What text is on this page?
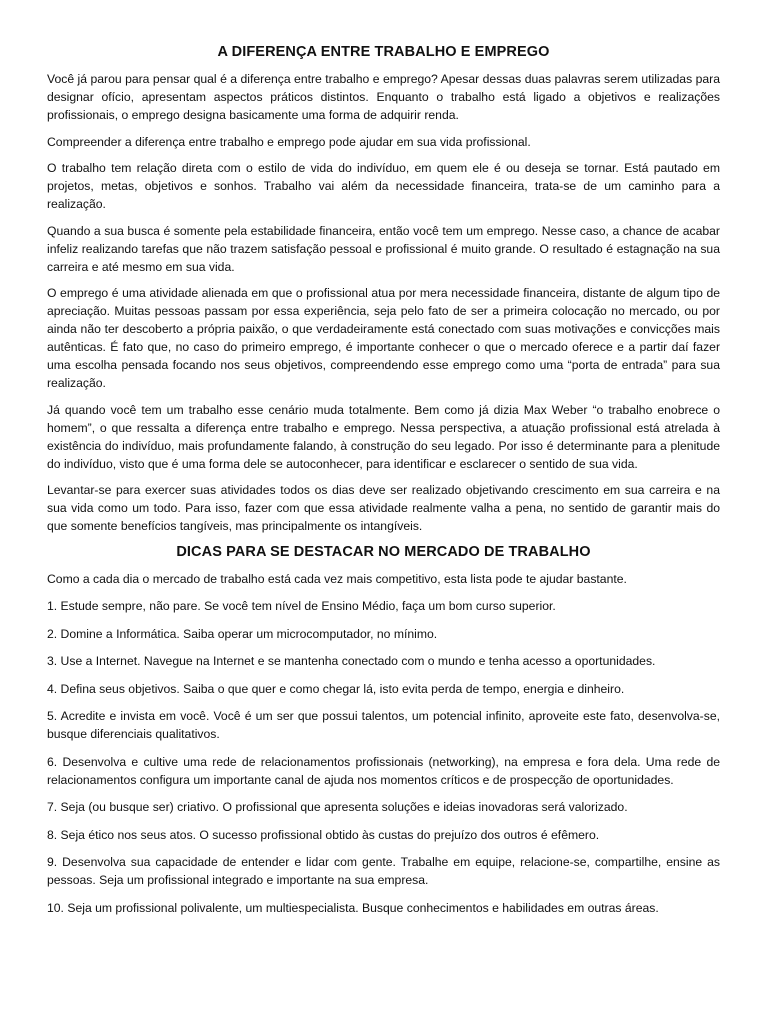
A DIFERENÇA ENTRE TRABALHO E EMPREGO

Você já parou para pensar qual é a diferença entre trabalho e emprego? Apesar dessas duas palavras serem utilizadas para designar ofício, apresentam aspectos práticos distintos. Enquanto o trabalho está ligado a objetivos e realizações profissionais, o emprego designa basicamente uma forma de adquirir renda.

Compreender a diferença entre trabalho e emprego pode ajudar em sua vida profissional.

O trabalho tem relação direta com o estilo de vida do indivíduo, em quem ele é ou deseja se tornar. Está pautado em projetos, metas, objetivos e sonhos. Trabalho vai além da necessidade financeira, trata-se de um caminho para a realização.

Quando a sua busca é somente pela estabilidade financeira, então você tem um emprego. Nesse caso, a chance de acabar infeliz realizando tarefas que não trazem satisfação pessoal e profissional é muito grande. O resultado é estagnação na sua carreira e até mesmo em sua vida.

O emprego é uma atividade alienada em que o profissional atua por mera necessidade financeira, distante de algum tipo de apreciação. Muitas pessoas passam por essa experiência, seja pelo fato de ser a primeira colocação no mercado, ou por ainda não ter descoberto a própria paixão, o que verdadeiramente está conectado com suas motivações e convicções mais autênticas. É fato que, no caso do primeiro emprego, é importante conhecer o que o mercado oferece e a partir daí fazer uma escolha pensada focando nos seus objetivos, compreendendo esse emprego como uma “porta de entrada” para sua realização.

Já quando você tem um trabalho esse cenário muda totalmente. Bem como já dizia Max Weber “o trabalho enobrece o homem”, o que ressalta a diferença entre trabalho e emprego. Nessa perspectiva, a atuação profissional está atrelada à existência do indivíduo, mais profundamente falando, à construção do seu legado. Por isso é determinante para a plenitude do indivíduo, visto que é uma forma dele se autoconhecer, para identificar e esclarecer o sentido de sua vida.

Levantar-se para exercer suas atividades todos os dias deve ser realizado objetivando crescimento em sua carreira e na sua vida como um todo. Para isso, fazer com que essa atividade realmente valha a pena, no sentido de garantir mais do que somente benefícios tangíveis, mas principalmente os intangíveis.

DICAS PARA SE DESTACAR NO MERCADO DE TRABALHO

Como a cada dia o mercado de trabalho está cada vez mais competitivo, esta lista pode te ajudar bastante.

1. Estude sempre, não pare. Se você tem nível de Ensino Médio, faça um bom curso superior.

2. Domine a Informática. Saiba operar um microcomputador, no mínimo.

3. Use a Internet. Navegue na Internet e se mantenha conectado com o mundo e tenha acesso a oportunidades.

4. Defina seus objetivos. Saiba o que quer e como chegar lá, isto evita perda de tempo, energia e dinheiro.

5. Acredite e invista em você. Você é um ser que possui talentos, um potencial infinito, aproveite este fato, desenvolva-se, busque diferenciais qualitativos.

6. Desenvolva e cultive uma rede de relacionamentos profissionais (networking), na empresa e fora dela. Uma rede de relacionamentos configura um importante canal de ajuda nos momentos críticos e de prospecção de oportunidades.

7. Seja (ou busque ser) criativo. O profissional que apresenta soluções e ideias inovadoras será valorizado.

8. Seja ético nos seus atos. O sucesso profissional obtido às custas do prejuízo dos outros é efêmero.

9. Desenvolva sua capacidade de entender e lidar com gente. Trabalhe em equipe, relacione-se, compartilhe, ensine as pessoas. Seja um profissional integrado e importante na sua empresa.

10. Seja um profissional polivalente, um multiespecialista. Busque conhecimentos e habilidades em outras áreas.
